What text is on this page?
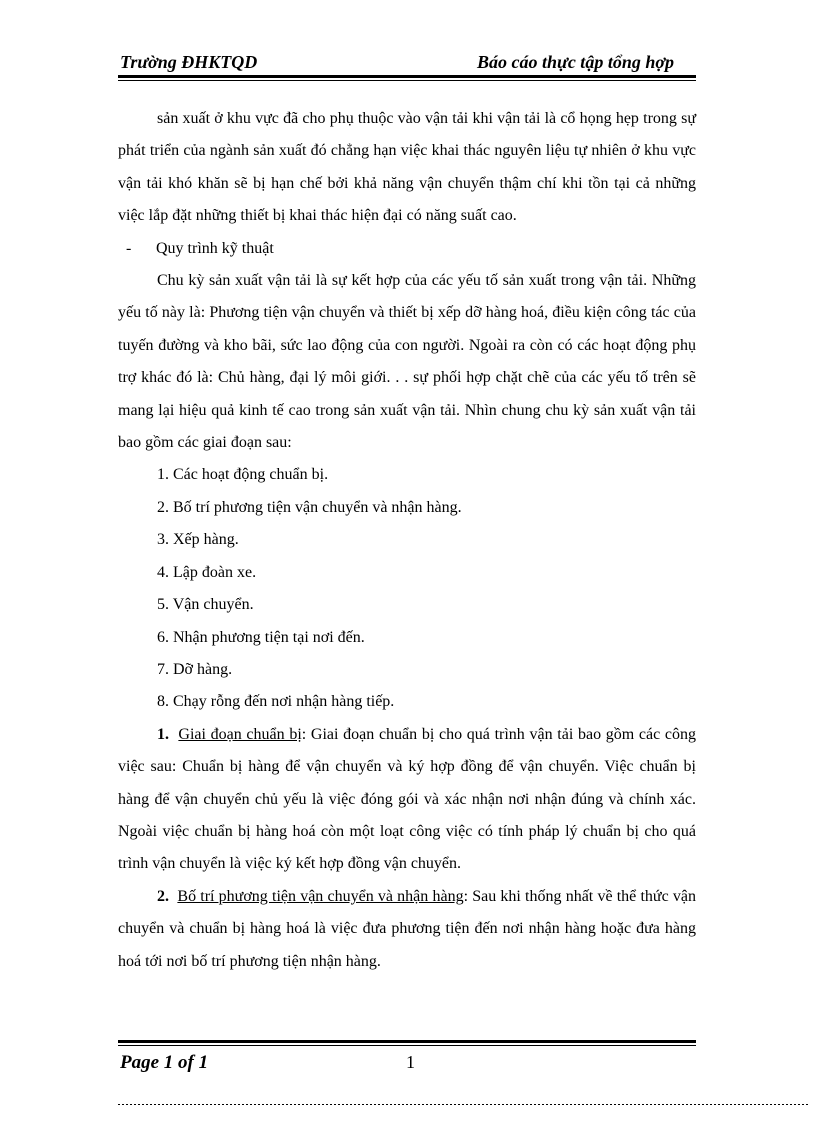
Trường ĐHKTQD	Báo cáo thực tập tổng hợp

sản xuất ở khu vực đã cho phụ thuộc vào vận tải khi vận tải là cổ họng hẹp trong sự phát triển của ngành sản xuất đó chẳng hạn việc khai thác nguyên liệu tự nhiên ở khu vực vận tải khó khăn sẽ bị hạn chế bởi khả năng vận chuyển thậm chí khi tồn tại cả những việc lắp đặt những thiết bị khai thác hiện đại có năng suất cao.

- Quy trình kỹ thuật

Chu kỳ sản xuất vận tải là sự kết hợp của các yếu tố sản xuất trong vận tải. Những yếu tố này là: Phương tiện vận chuyển và thiết bị xếp dỡ hàng hoá, điều kiện công tác của tuyến đường và kho bãi, sức lao động của con người. Ngoài ra còn có các hoạt động phụ trợ khác đó là: Chủ hàng, đại lý môi giới. . . sự phối hợp chặt chẽ của các yếu tố trên sẽ mang lại hiệu quả kinh tế cao trong sản xuất vận tải. Nhìn chung chu kỳ sản xuất vận tải bao gồm các giai đoạn sau:

1. Các hoạt động chuẩn bị.

2. Bố trí phương tiện vận chuyển và nhận hàng.

3. Xếp hàng.

4. Lập đoàn xe.

5. Vận chuyển.

6. Nhận phương tiện tại nơi đến.

7. Dỡ hàng.

8. Chạy rỗng đến nơi nhận hàng tiếp.

1. Giai đoạn chuẩn bị: Giai đoạn chuẩn bị cho quá trình vận tải bao gồm các công việc sau: Chuẩn bị hàng để vận chuyển và ký hợp đồng để vận chuyển. Việc chuẩn bị hàng để vận chuyển chủ yếu là việc đóng gói và xác nhận nơi nhận đúng và chính xác. Ngoài việc chuẩn bị hàng hoá còn một loạt công việc có tính pháp lý chuẩn bị cho quá trình vận chuyển là việc ký kết hợp đồng vận chuyển.

2. Bố trí phương tiện vận chuyển và nhận hàng: Sau khi thống nhất về thể thức vận chuyển và chuẩn bị hàng hoá là việc đưa phương tiện đến nơi nhận hàng hoặc đưa hàng hoá tới nơi bố trí phương tiện nhận hàng.

Page 1 of 1	1
